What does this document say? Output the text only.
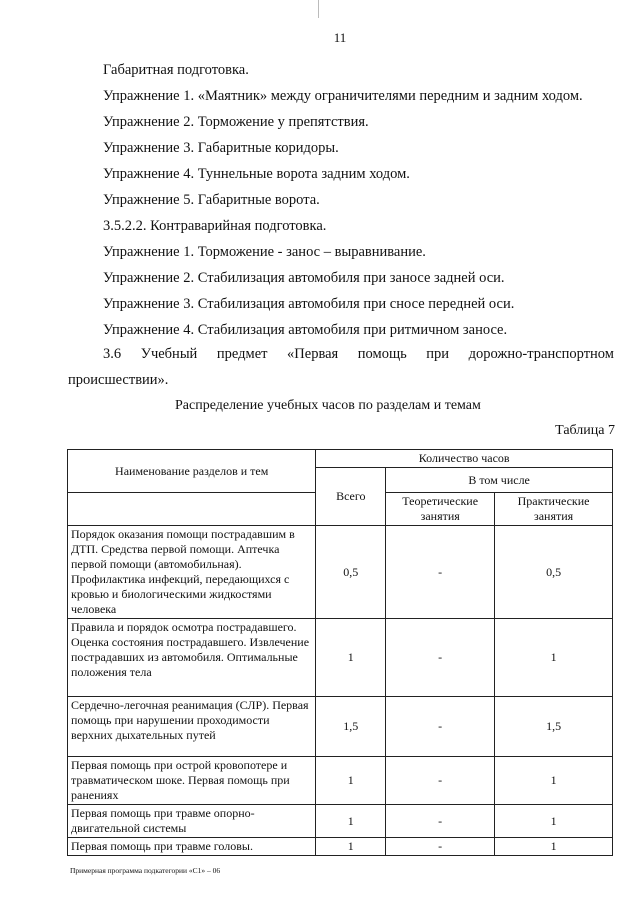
11
Габаритная подготовка.
Упражнение 1. «Маятник» между ограничителями передним и задним ходом.
Упражнение 2. Торможение у препятствия.
Упражнение 3. Габаритные коридоры.
Упражнение 4. Туннельные ворота задним ходом.
Упражнение 5. Габаритные ворота.
3.5.2.2. Контраварийная подготовка.
Упражнение 1. Торможение - занос – выравнивание.
Упражнение 2. Стабилизация автомобиля при заносе задней оси.
Упражнение 3. Стабилизация автомобиля при сносе передней оси.
Упражнение 4. Стабилизация автомобиля при ритмичном заносе.
3.6 Учебный предмет «Первая помощь при дорожно-транспортном
происшествии».
Распределение учебных часов по разделам и темам
Таблица 7
Наименование разделов и тем	Количество часов		
	Всего	В том числе	
		Теоретические занятия	Практические занятия
Порядок оказания помощи пострадавшим в ДТП. Средства первой помощи. Аптечка первой помощи (автомобильная). Профилактика инфекций, передающихся с кровью и биологическими жидкостями человека	0,5	-	0,5
Правила и порядок осмотра пострадавшего. Оценка состояния пострадавшего. Извлечение пострадавших из автомобиля. Оптимальные положения тела	1	-	1
Сердечно-легочная реанимация (СЛР). Первая помощь при нарушении проходимости верхних дыхательных путей	1,5	-	1,5
Первая помощь при острой кровопотере и травматическом шоке. Первая помощь при ранениях	1	-	1
Первая помощь при травме опорно-двигательной системы	1	-	1
Первая помощь при травме головы.	1	-	1
Примерная программа подкатегории «С1» – 06
